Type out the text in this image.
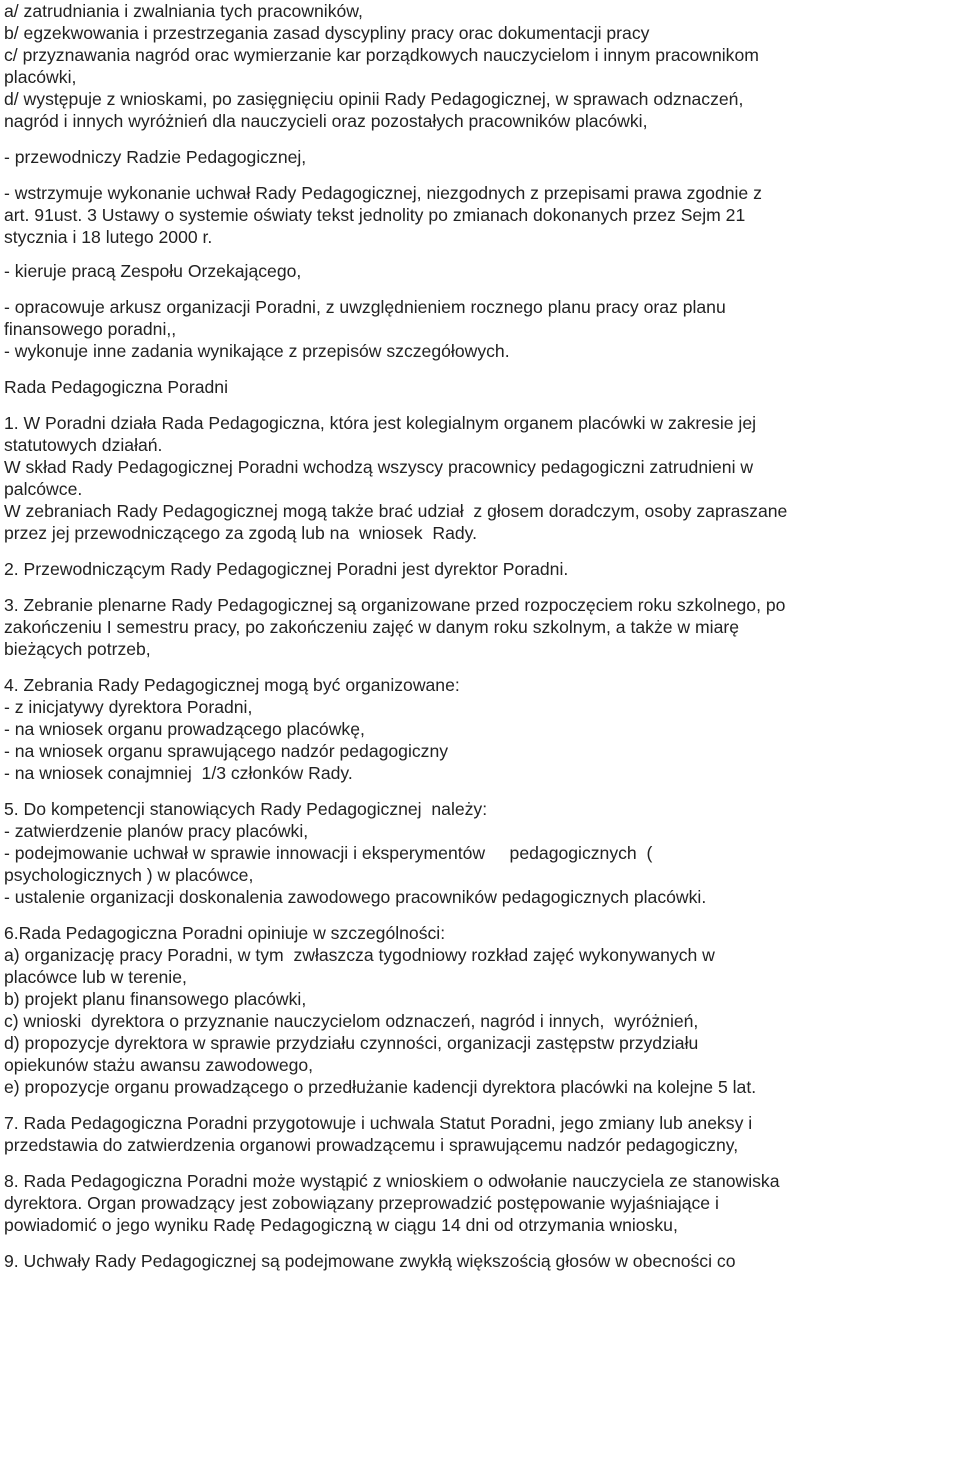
a/ zatrudniania i zwalniania tych pracowników,
b/ egzekwowania i przestrzegania zasad dyscypliny pracy orac dokumentacji pracy
c/ przyznawania nagród orac wymierzanie kar porządkowych nauczycielom i innym pracownikom
placówki,
d/ występuje z wnioskami, po zasięgnięciu opinii Rady Pedagogicznej, w sprawach odznaczeń,
nagród i innych wyróżnień dla nauczycieli oraz pozostałych pracowników placówki,
- przewodniczy Radzie Pedagogicznej,
- wstrzymuje wykonanie uchwał Rady Pedagogicznej, niezgodnych z przepisami prawa zgodnie z
art. 91ust. 3 Ustawy o systemie oświaty tekst jednolity po zmianach dokonanych przez Sejm 21
stycznia i 18 lutego 2000 r.
- kieruje pracą Zespołu Orzekającego,
- opracowuje arkusz organizacji Poradni, z uwzględnieniem rocznego planu pracy oraz planu
finansowego poradni,,
- wykonuje inne zadania wynikające z przepisów szczegółowych.
Rada Pedagogiczna Poradni
1. W Poradni działa Rada Pedagogiczna, która jest kolegialnym organem placówki w zakresie jej
statutowych działań.
W skład Rady Pedagogicznej Poradni wchodzą wszyscy pracownicy pedagogiczni zatrudnieni w
palcówce.
W zebraniach Rady Pedagogicznej mogą także brać udział  z głosem doradczym, osoby zapraszane
przez jej przewodniczącego za zgodą lub na  wniosek  Rady.
2. Przewodniczącym Rady Pedagogicznej Poradni jest dyrektor Poradni.
3. Zebranie plenarne Rady Pedagogicznej są organizowane przed rozpoczęciem roku szkolnego, po
zakończeniu I semestru pracy, po zakończeniu zajęć w danym roku szkolnym, a także w miarę
bieżących potrzeb,
4. Zebrania Rady Pedagogicznej mogą być organizowane:
- z inicjatywy dyrektora Poradni,
- na wniosek organu prowadzącego placówkę,
- na wniosek organu sprawującego nadzór pedagogiczny
- na wniosek conajmniej  1/3 członków Rady.
5. Do kompetencji stanowiących Rady Pedagogicznej  należy:
- zatwierdzenie planów pracy placówki,
- podejmowanie uchwał w sprawie innowacji i eksperymentów     pedagogicznych  (
psychologicznych ) w placówce,
- ustalenie organizacji doskonalenia zawodowego pracowników pedagogicznych placówki.
6.Rada Pedagogiczna Poradni opiniuje w szczególności:
a) organizację pracy Poradni, w tym  zwłaszcza tygodniowy rozkład zajęć wykonywanych w
placówce lub w terenie,
b) projekt planu finansowego placówki,
c) wnioski  dyrektora o przyznanie nauczycielom odznaczeń, nagród i innych,  wyróżnień,
d) propozycje dyrektora w sprawie przydziału czynności, organizacji zastępstw przydziału
opiekunów stażu awansu zawodowego,
e) propozycje organu prowadzącego o przedłużanie kadencji dyrektora placówki na kolejne 5 lat.
7. Rada Pedagogiczna Poradni przygotowuje i uchwala Statut Poradni, jego zmiany lub aneksy i
przedstawia do zatwierdzenia organowi prowadzącemu i sprawującemu nadzór pedagogiczny,
8. Rada Pedagogiczna Poradni może wystąpić z wnioskiem o odwołanie nauczyciela ze stanowiska
dyrektora. Organ prowadzący jest zobowiązany przeprowadzić postępowanie wyjaśniające i
powiadomić o jego wyniku Radę Pedagogiczną w ciągu 14 dni od otrzymania wniosku,
9. Uchwały Rady Pedagogicznej są podejmowane zwykłą większością głosów w obecności co
